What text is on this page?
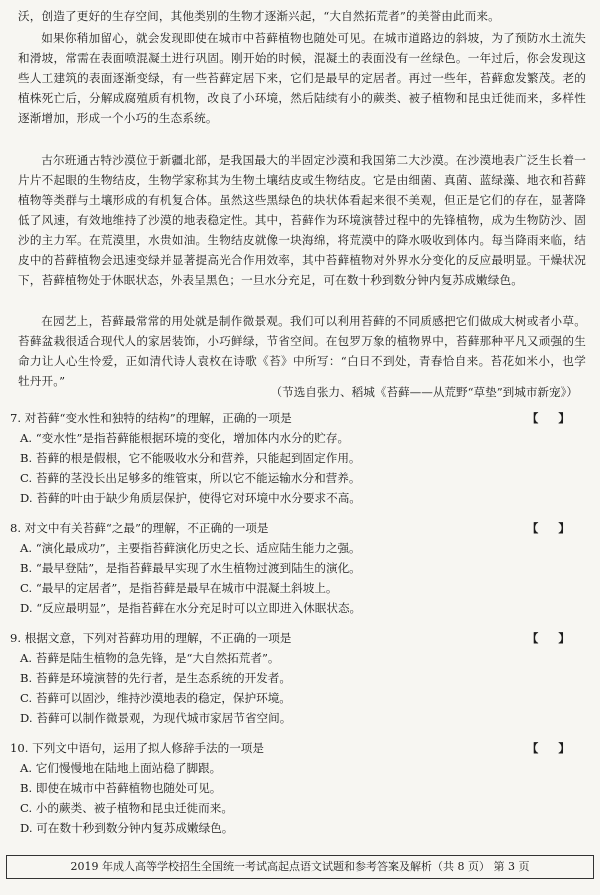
沃，创造了更好的生存空间，其他类别的生物才逐渐兴起，“大自然拓荒者”的美誉由此而来。

如果你稍加留心，就会发现即使在城市中苔藓植物也随处可见。在城市道路边的斜坡，为了预防水土流失和滑坡，常需在表面喷混凝土进行巩固。刚开始的时候，混凝土的表面没有一丝绿色。一年过后，你会发现这些人工建筑的表面逐渐变绿，有一些苔藓定居下来，它们是最早的定居者。再过一些年，苔藓愈发繁茂。老的植株死亡后，分解成腐殖质有机物，改良了小环境，然后陆续有小的蕨类、被子植物和昆虫迁徙而来，多样性逐渐增加，形成一个小巧的生态系统。

古尔班通古特沙漠位于新疆北部，是我国最大的半固定沙漠和我国第二大沙漠。在沙漠地表广泛生长着一片片不起眼的生物结皮，生物学家称其为生物土壤结皮或生物结皮。它是由细菌、真菌、蓝绿藻、地衣和苔藓植物等类群与土壤形成的有机复合体。虽然这些黑绿色的块状体看起来很不美观，但正是它们的存在，显著降低了风速，有效地维持了沙漠的地表稳定性。其中，苔藓作为环境演替过程中的先锋植物，成为生物防沙、固沙的主力军。在荒漠里，水贵如油。生物结皮就像一块海绵，将荒漠中的降水吸收到体内。每当降雨来临，结皮中的苔藓植物会迅速变绿并显著提高光合作用效率，其中苔藓植物对外界水分变化的反应最明显。干燥状况下，苔藓植物处于休眠状态，外表呈黑色；一旦水分充足，可在数十秒到数分钟内复苏成嫩绿色。

在园艺上，苔藓最常常的用处就是制作微景观。我们可以利用苔藓的不同质感把它们做成大树或者小草。苔藓盆栽很适合现代人的家居装饰，小巧鲜绿，节省空间。在包罗万象的植物界中，苔藓那种平凡又顽强的生命力让人心生怜爱，正如清代诗人袁枚在诗歌《苔》中所写：“白日不到处，青春恰自来。苔花如米小，也学牡丹开。”

（节选自张力、稻城《苔藓——从荒野“草垫”到城市新宠》）
7. 对苔藓“变水性和独特的结构”的理解，正确的一项是	【 】
A. “变水性”是指苔藓能根据环境的变化，增加体内水分的贮存。
B. 苔藓的根是假根，它不能吸收水分和营养，只能起到固定作用。
C. 苔藓的茎没长出足够多的维管束，所以它不能运输水分和营养。
D. 苔藓的叶由于缺少角质层保护，使得它对环境中水分要求不高。
8. 对文中有关苔藓“之最”的理解，不正确的一项是	【 】
A. “演化最成功”，主要指苔藓演化历史之长、适应陆生能力之强。
B. “最早登陆”，是指苔藓最早实现了水生植物过渡到陆生的演化。
C. “最早的定居者”，是指苔藓是最早在城市中混凝土斜坡上。
D. “反应最明显”，是指苔藓在水分充足时可以立即进入休眠状态。
9. 根据文意，下列对苔藓功用的理解，不正确的一项是	【 】
A. 苔藓是陆生植物的急先锋，是“大自然拓荒者”。
B. 苔藓是环境演替的先行者，是生态系统的开发者。
C. 苔藓可以固沙，维持沙漠地表的稳定，保护环境。
D. 苔藓可以制作微景观，为现代城市家居节省空间。
10. 下列文中语句，运用了拟人修辞手法的一项是	【 】
A. 它们慢慢地在陆地上面站稳了脚跟。
B. 即使在城市中苔藓植物也随处可见。
C. 小的蕨类、被子植物和昆虫迁徙而来。
D. 可在数十秒到数分钟内复苏成嫩绿色。
2019 年成人高等学校招生全国统一考试高起点语文试题和参考答案及解析（共 8 页） 第 3 页
